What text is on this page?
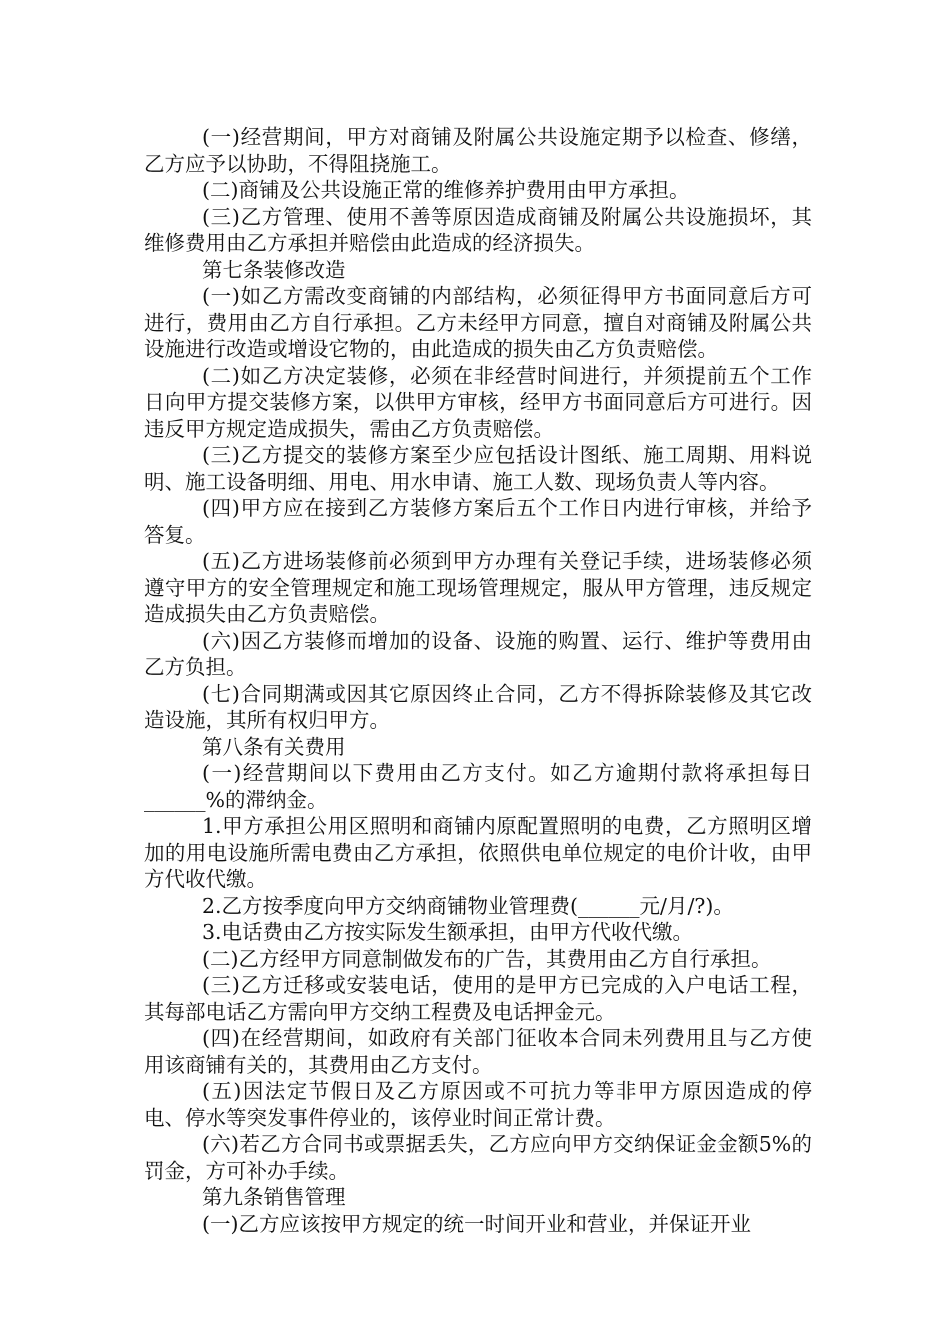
(一)经营期间，甲方对商铺及附属公共设施定期予以检查、修缮，乙方应予以协助，不得阻挠施工。

(二)商铺及公共设施正常的维修养护费用由甲方承担。

(三)乙方管理、使用不善等原因造成商铺及附属公共设施损坏，其维修费用由乙方承担并赔偿由此造成的经济损失。

第七条装修改造

(一)如乙方需改变商铺的内部结构，必须征得甲方书面同意后方可进行，费用由乙方自行承担。乙方未经甲方同意，擅自对商铺及附属公共设施进行改造或增设它物的，由此造成的损失由乙方负责赔偿。

(二)如乙方决定装修，必须在非经营时间进行，并须提前五个工作日向甲方提交装修方案，以供甲方审核，经甲方书面同意后方可进行。因违反甲方规定造成损失，需由乙方负责赔偿。

(三)乙方提交的装修方案至少应包括设计图纸、施工周期、用料说明、施工设备明细、用电、用水申请、施工人数、现场负责人等内容。

(四)甲方应在接到乙方装修方案后五个工作日内进行审核，并给予答复。

(五)乙方进场装修前必须到甲方办理有关登记手续，进场装修必须遵守甲方的安全管理规定和施工现场管理规定，服从甲方管理，违反规定造成损失由乙方负责赔偿。

(六)因乙方装修而增加的设备、设施的购置、运行、维护等费用由乙方负担。

(七)合同期满或因其它原因终止合同，乙方不得拆除装修及其它改造设施，其所有权归甲方。

第八条有关费用

(一)经营期间以下费用由乙方支付。如乙方逾期付款将承担每日______%的滞纳金。

1.甲方承担公用区照明和商铺内原配置照明的电费，乙方照明区增加的用电设施所需电费由乙方承担，依照供电单位规定的电价计收，由甲方代收代缴。

2.乙方按季度向甲方交纳商铺物业管理费(______元/月/?)。

3.电话费由乙方按实际发生额承担，由甲方代收代缴。

(二)乙方经甲方同意制做发布的广告，其费用由乙方自行承担。

(三)乙方迁移或安装电话，使用的是甲方已完成的入户电话工程，其每部电话乙方需向甲方交纳工程费及电话押金元。

(四)在经营期间，如政府有关部门征收本合同未列费用且与乙方使用该商铺有关的，其费用由乙方支付。

(五)因法定节假日及乙方原因或不可抗力等非甲方原因造成的停电、停水等突发事件停业的，该停业时间正常计费。

(六)若乙方合同书或票据丢失，乙方应向甲方交纳保证金金额5%的罚金，方可补办手续。

第九条销售管理

(一)乙方应该按甲方规定的统一时间开业和营业，并保证开业
